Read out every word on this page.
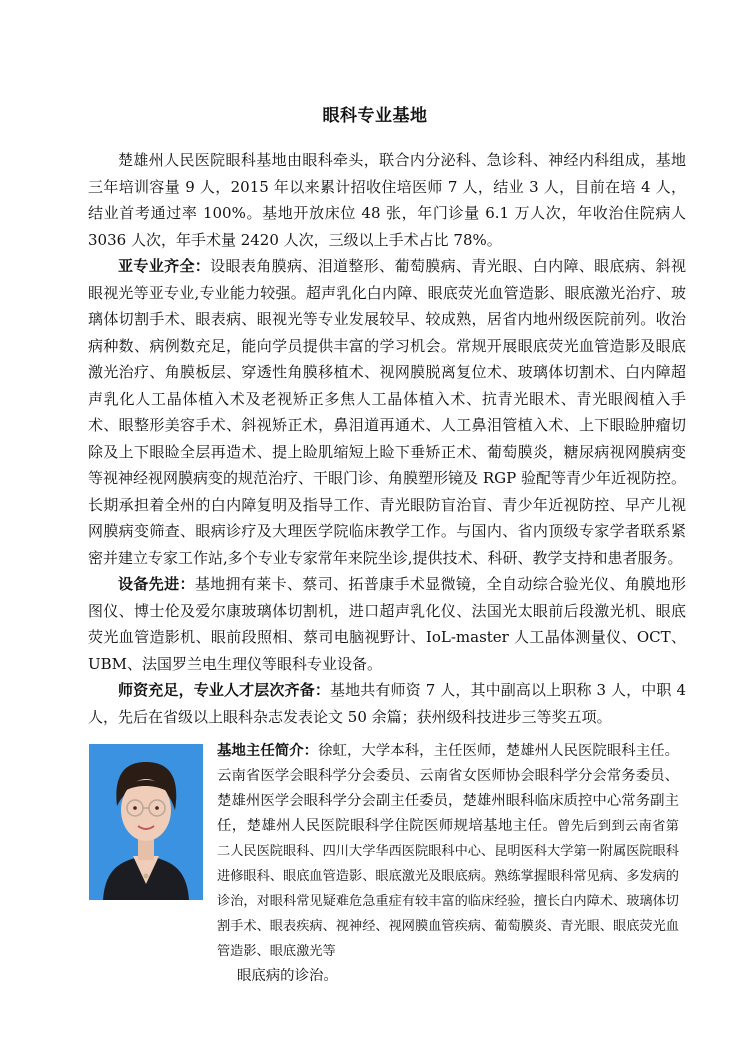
眼科专业基地

楚雄州人民医院眼科基地由眼科牵头，联合内分泌科、急诊科、神经内科组成，基地三年培训容量 9 人，2015 年以来累计招收住培医师 7 人，结业 3 人，目前在培 4 人，结业首考通过率 100%。基地开放床位 48 张，年门诊量 6.1 万人次，年收治住院病人 3036 人次，年手术量 2420 人次，三级以上手术占比 78%。

亚专业齐全：设眼表角膜病、泪道整形、葡萄膜病、青光眼、白内障、眼底病、斜视眼视光等亚专业,专业能力较强。超声乳化白内障、眼底荧光血管造影、眼底激光治疗、玻璃体切割手术、眼表病、眼视光等专业发展较早、较成熟，居省内地州级医院前列。收治病种数、病例数充足，能向学员提供丰富的学习机会。常规开展眼底荧光血管造影及眼底激光治疗、角膜板层、穿透性角膜移植术、视网膜脱离复位术、玻璃体切割术、白内障超声乳化人工晶体植入术及老视矫正多焦人工晶体植入术、抗青光眼术、青光眼阀植入手术、眼整形美容手术、斜视矫正术，鼻泪道再通术、人工鼻泪管植入术、上下眼睑肿瘤切除及上下眼睑全层再造术、提上睑肌缩短上睑下垂矫正术、葡萄膜炎，糖尿病视网膜病变等视神经视网膜病变的规范治疗、干眼门诊、角膜塑形镜及 RGP 验配等青少年近视防控。长期承担着全州的白内障复明及指导工作、青光眼防盲治盲、青少年近视防控、早产儿视网膜病变筛查、眼病诊疗及大理医学院临床教学工作。与国内、省内顶级专家学者联系紧密并建立专家工作站,多个专业专家常年来院坐诊,提供技术、科研、教学支持和患者服务。

设备先进：基地拥有莱卡、蔡司、拓普康手术显微镜，全自动综合验光仪、角膜地形图仪、博士伦及爱尔康玻璃体切割机，进口超声乳化仪、法国光太眼前后段激光机、眼底荧光血管造影机、眼前段照相、蔡司电脑视野计、IoL-master 人工晶体测量仪、OCT、UBM、法国罗兰电生理仪等眼科专业设备。

师资充足，专业人才层次齐备：基地共有师资 7 人，其中副高以上职称 3 人，中职 4 人，先后在省级以上眼科杂志发表论文 50 余篇；获州级科技进步三等奖五项。

基地主任简介：徐虹，大学本科，主任医师，楚雄州人民医院眼科主任。云南省医学会眼科学分会委员、云南省女医师协会眼科学分会常务委员、楚雄州医学会眼科学分会副主任委员，楚雄州眼科临床质控中心常务副主任，楚雄州人民医院眼科学住院医师规培基地主任。曾先后到到云南省第二人民医院眼科、四川大学华西医院眼科中心、昆明医科大学第一附属医院眼科进修眼科、眼底血管造影、眼底激光及眼底病。熟练掌握眼科常见病、多发病的诊治，对眼科常见疑难危急重症有较丰富的临床经验，擅长白内障术、玻璃体切割手术、眼表疾病、视神经、视网膜血管疾病、葡萄膜炎、青光眼、眼底荧光血管造影、眼底激光等
眼底病的诊治。
